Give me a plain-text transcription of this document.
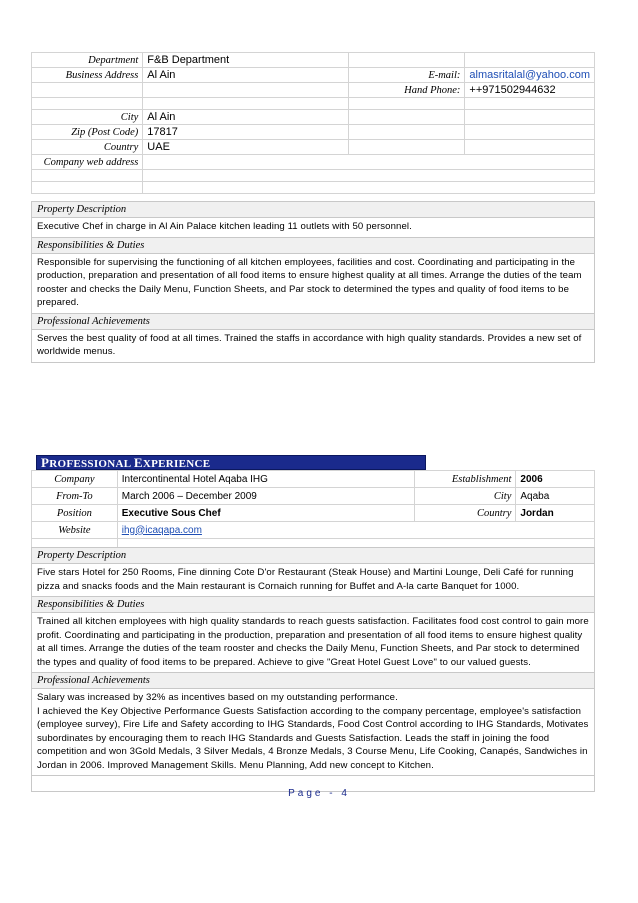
Department	F&B Department		
Business Address	Al Ain	E-mail:	almasritalal@yahoo.com
		Hand Phone:	++971502944632

City	Al Ain		
Zip (Post Code)	17817		
Country	UAE		
Company web address			

Property Description
Executive Chef in charge in Al Ain Palace kitchen leading 11 outlets with 50 personnel.
Responsibilities & Duties
Responsible for supervising the functioning of all kitchen employees, facilities and cost. Coordinating and participating in the production, preparation and presentation of all food items to ensure highest quality at all times. Arrange the duties of the team rooster and checks the Daily Menu, Function Sheets, and Par stock to determined the types and quality of food items to be prepared.
Professional Achievements
Serves the best quality of food at all times. Trained the staffs in accordance with high quality standards. Provides a new set of worldwide menus.
PROFESSIONAL EXPERIENCE
Company	Intercontinental Hotel Aqaba IHG	Establishment	2006
From-To	March 2006 – December 2009	City	Aqaba
Position	Executive Sous Chef	Country	Jordan
Website	ihg@icaqapa.com		

Property Description
Five stars Hotel for 250 Rooms, Fine dinning Cote D'or Restaurant (Steak House) and Martini Lounge, Deli Café for running pizza and snacks foods and the Main restaurant is Cornaich running for Buffet and A-la carte Banquet for 1000.
Responsibilities & Duties
Trained all kitchen employees with high quality standards to reach guests satisfaction. Facilitates food cost control to gain more profit. Coordinating and participating in the production, preparation and presentation of all food items to ensure highest quality at all times. Arrange the duties of the team rooster and checks the Daily Menu, Function Sheets, and Par stock to determined the types and quality of food items to be prepared. Achieve to give "Great Hotel Guest Love" to our valued guests.
Professional Achievements
Salary was increased by 32% as incentives based on my outstanding performance.
I achieved the Key Objective Performance Guests Satisfaction according to the company percentage, employee's satisfaction (employee survey), Fire Life and Safety according to IHG Standards, Food Cost Control according to IHG Standards, Motivates subordinates by encouraging them to reach IHG Standards and Guests Satisfaction. Leads the staff in joining the food competition and won 3Gold Medals, 3 Silver Medals, 4 Bronze Medals, 3 Course Menu, Life Cooking, Canapés, Sandwiches in Jordan in 2006. Improved Management Skills. Menu Planning, Add new concept to Kitchen.
Page - 4
